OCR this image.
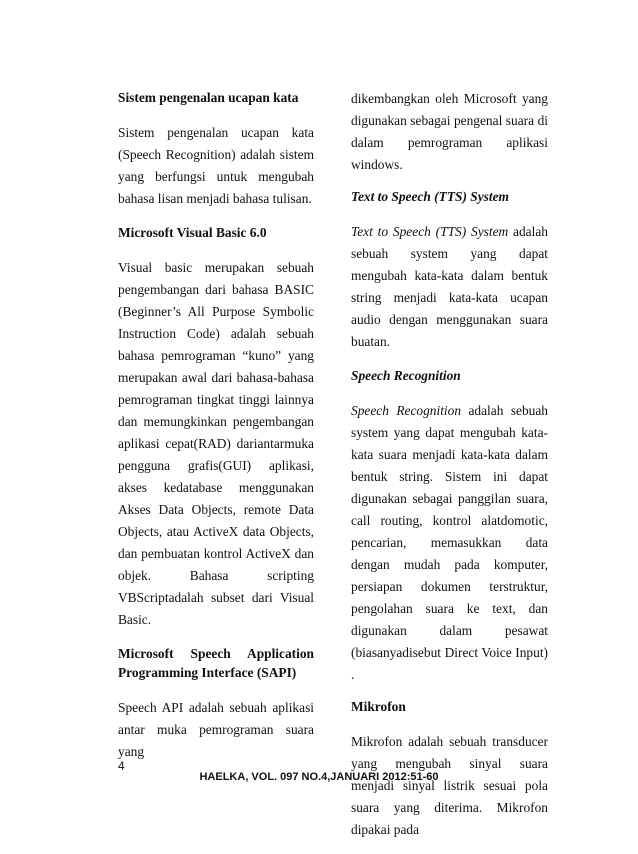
Sistem pengenalan ucapan kata
Sistem pengenalan ucapan kata (Speech Recognition) adalah sistem yang berfungsi untuk mengubah bahasa lisan menjadi bahasa tulisan.
Microsoft Visual Basic 6.0
Visual basic merupakan sebuah pengembangan dari bahasa BASIC (Beginner’s All Purpose Symbolic Instruction Code) adalah sebuah bahasa pemrograman “kuno” yang merupakan awal dari bahasa-bahasa pemrograman tingkat tinggi lainnya dan memungkinkan pengembangan aplikasi cepat(RAD) dariantarmuka pengguna grafis(GUI) aplikasi, akses kedatabase menggunakan Akses Data Objects, remote Data Objects, atau ActiveX data Objects, dan pembuatan kontrol ActiveX dan objek. Bahasa scripting VBScriptadalah subset dari Visual Basic.
Microsoft Speech Application Programming Interface (SAPI)
Speech API adalah sebuah aplikasi antar muka pemrograman suara yang
dikembangkan oleh Microsoft yang digunakan sebagai pengenal suara di dalam pemrograman aplikasi windows.
Text to Speech (TTS) System
Text to Speech (TTS) System adalah sebuah system yang dapat mengubah kata-kata dalam bentuk string menjadi kata-kata ucapan audio dengan menggunakan suara buatan.
Speech Recognition
Speech Recognition adalah sebuah system yang dapat mengubah kata-kata suara menjadi kata-kata dalam bentuk string. Sistem ini dapat digunakan sebagai panggilan suara, call routing, kontrol alatdomotic, pencarian, memasukkan data dengan mudah pada komputer, persiapan dokumen terstruktur, pengolahan suara ke text, dan digunakan dalam pesawat (biasanyadisebut Direct Voice Input) .
Mikrofon
Mikrofon adalah sebuah transducer yang mengubah sinyal suara menjadi sinyal listrik sesuai pola suara yang diterima. Mikrofon dipakai pada
4
HAELKA, VOL. 097 NO.4,JANUARI 2012:51-60
